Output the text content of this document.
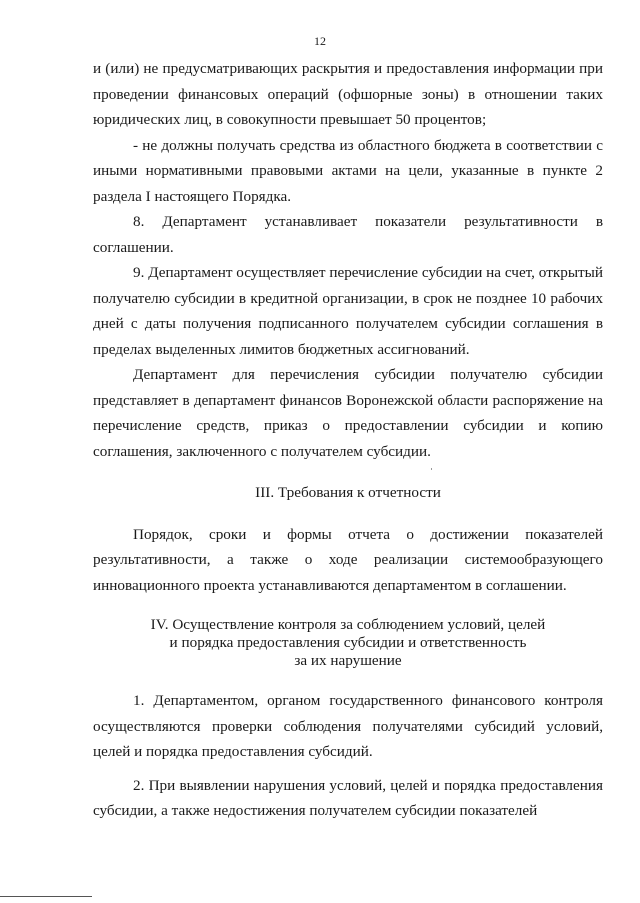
12

и (или) не предусматривающих раскрытия и предоставления информации при проведении финансовых операций (офшорные зоны) в отношении таких юридических лиц, в совокупности превышает 50 процентов;

- не должны получать средства из областного бюджета в соответствии с иными нормативными правовыми актами на цели, указанные в пункте 2 раздела I настоящего Порядка.

8. Департамент устанавливает показатели результативности в соглашении.

9. Департамент осуществляет перечисление субсидии на счет, открытый получателю субсидии в кредитной организации, в срок не позднее 10 рабочих дней с даты получения подписанного получателем субсидии соглашения в пределах выделенных лимитов бюджетных ассигнований.

Департамент для перечисления субсидии получателю субсидии представляет в департамент финансов Воронежской области распоряжение на перечисление средств, приказ о предоставлении субсидии и копию соглашения, заключенного с получателем субсидии.

III. Требования к отчетности

Порядок, сроки и формы отчета о достижении показателей результативности, а также о ходе реализации системообразующего инновационного проекта устанавливаются департаментом в соглашении.

IV. Осуществление контроля за соблюдением условий, целей
и порядка предоставления субсидии и ответственность
за их нарушение

1. Департаментом, органом государственного финансового контроля осуществляются проверки соблюдения получателями субсидий условий, целей и порядка предоставления субсидий.

2. При выявлении нарушения условий, целей и порядка предоставления субсидии, а также недостижения получателем субсидии показателей
